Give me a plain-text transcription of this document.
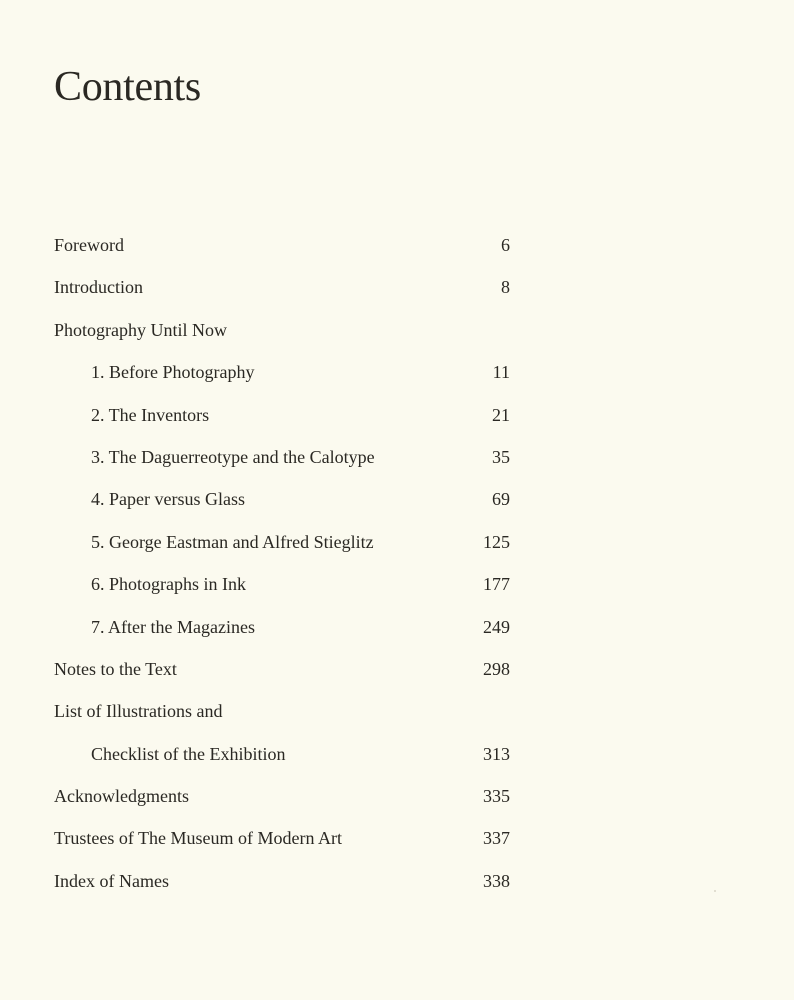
Contents
Foreword	6
Introduction	8
Photography Until Now
1. Before Photography	11
2. The Inventors	21
3. The Daguerreotype and the Calotype	35
4. Paper versus Glass	69
5. George Eastman and Alfred Stieglitz	125
6. Photographs in Ink	177
7. After the Magazines	249
Notes to the Text	298
List of Illustrations and
Checklist of the Exhibition	313
Acknowledgments	335
Trustees of The Museum of Modern Art	337
Index of Names	338
